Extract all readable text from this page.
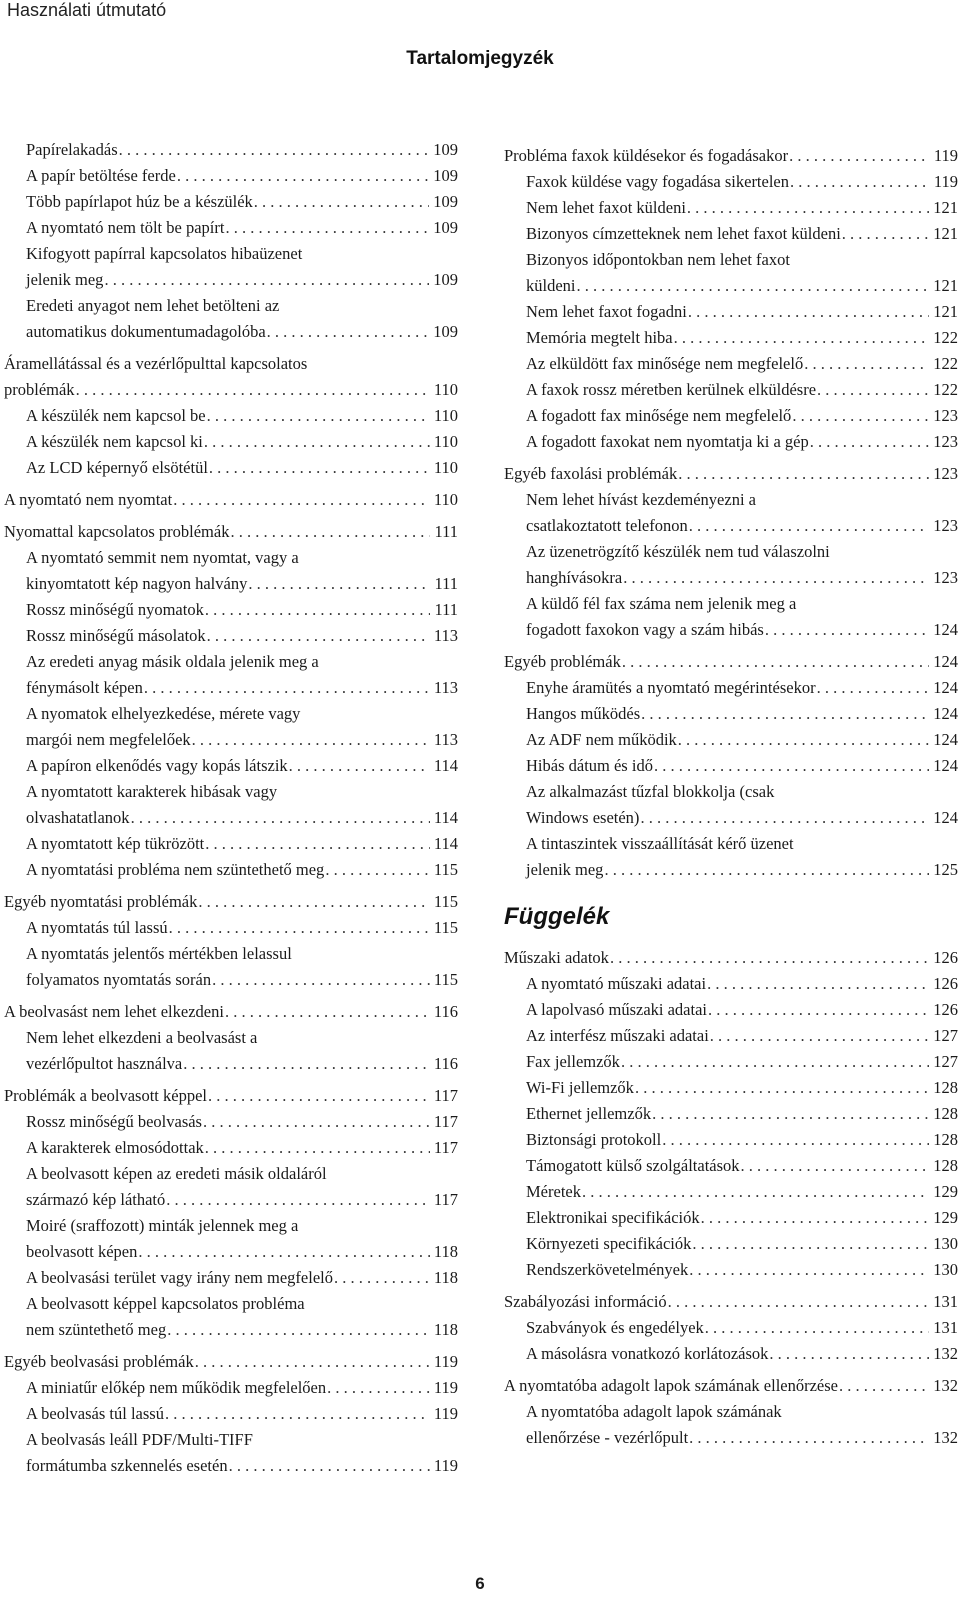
Használati útmutató
Tartalomjegyzék
Papírelakadás . . .	109
A papír betöltése ferde . . .	109
Több papírlapot húz be a készülék . . .	109
A nyomtató nem tölt be papírt . . .	109
Kifogyott papírral kapcsolatos hibaüzenet
jelenik meg . . .	109
Eredeti anyagot nem lehet betölteni az
automatikus dokumentumadagolóba . . .	109
Áramellátással és a vezérlőpulttal kapcsolatos
problémák . . .	110
A készülék nem kapcsol be . . .	110
A készülék nem kapcsol ki . . .	110
Az LCD képernyő elsötétül . . .	110
A nyomtató nem nyomtat . . .	110
Nyomattal kapcsolatos problémák . . .	111
A nyomtató semmit nem nyomtat, vagy a
kinyomtatott kép nagyon halvány . . .	111
Rossz minőségű nyomatok . . .	111
Rossz minőségű másolatok . . .	113
Az eredeti anyag másik oldala jelenik meg a
fénymásolt képen . . .	113
A nyomatok elhelyezkedése, mérete vagy
margói nem megfelelőek . . .	113
A papíron elkenődés vagy kopás látszik . . .	114
A nyomtatott karakterek hibásak vagy
olvashatatlanok . . .	114
A nyomtatott kép tükrözött . . .	114
A nyomtatási probléma nem szüntethető meg . . .	115
Egyéb nyomtatási problémák . . .	115
A nyomtatás túl lassú . . .	115
A nyomtatás jelentős mértékben lelassul
folyamatos nyomtatás során . . .	115
A beolvasást nem lehet elkezdeni . . .	116
Nem lehet elkezdeni a beolvasást a
vezérlőpultot használva . . .	116
Problémák a beolvasott képpel . . .	117
Rossz minőségű beolvasás . . .	117
A karakterek elmosódottak . . .	117
A beolvasott képen az eredeti másik oldaláról
származó kép látható . . .	117
Moiré (sraffozott) minták jelennek meg a
beolvasott képen . . .	118
A beolvasási terület vagy irány nem megfelelő . . .	118
A beolvasott képpel kapcsolatos probléma
nem szüntethető meg . . .	118
Egyéb beolvasási problémák . . .	119
A miniatűr előkép nem működik megfelelően . . .	119
A beolvasás túl lassú . . .	119
A beolvasás leáll PDF/Multi-TIFF
formátumba szkennelés esetén . . .	119
Probléma faxok küldésekor és fogadásakor . . .	119
Faxok küldése vagy fogadása sikertelen . . .	119
Nem lehet faxot küldeni . . .	121
Bizonyos címzetteknek nem lehet faxot küldeni . . .	121
Bizonyos időpontokban nem lehet faxot
küldeni . . .	121
Nem lehet faxot fogadni . . .	121
Memória megtelt hiba . . .	122
Az elküldött fax minősége nem megfelelő . . .	122
A faxok rossz méretben kerülnek elküldésre . . .	122
A fogadott fax minősége nem megfelelő . . .	123
A fogadott faxokat nem nyomtatja ki a gép . . .	123
Egyéb faxolási problémák . . .	123
Nem lehet hívást kezdeményezni a
csatlakoztatott telefonon . . .	123
Az üzenetrögzítő készülék nem tud válaszolni
hanghívásokra . . .	123
A küldő fél fax száma nem jelenik meg a
fogadott faxokon vagy a szám hibás . . .	124
Egyéb problémák . . .	124
Enyhe áramütés a nyomtató megérintésekor . . .	124
Hangos működés . . .	124
Az ADF nem működik . . .	124
Hibás dátum és idő . . .	124
Az alkalmazást tűzfal blokkolja (csak
Windows esetén) . . .	124
A tintaszintek visszaállítását kérő üzenet
jelenik meg . . .	125
Függelék
Műszaki adatok . . .	126
A nyomtató műszaki adatai . . .	126
A lapolvasó műszaki adatai . . .	126
Az interfész műszaki adatai . . .	127
Fax jellemzők . . .	127
Wi-Fi jellemzők . . .	128
Ethernet jellemzők . . .	128
Biztonsági protokoll . . .	128
Támogatott külső szolgáltatások . . .	128
Méretek . . .	129
Elektronikai specifikációk . . .	129
Környezeti specifikációk . . .	130
Rendszerkövetelmények . . .	130
Szabályozási információ . . .	131
Szabványok és engedélyek . . .	131
A másolásra vonatkozó korlátozások . . .	132
A nyomtatóba adagolt lapok számának ellenőrzése . . .	132
A nyomtatóba adagolt lapok számának
ellenőrzése - vezérlőpult . . .	132
6
